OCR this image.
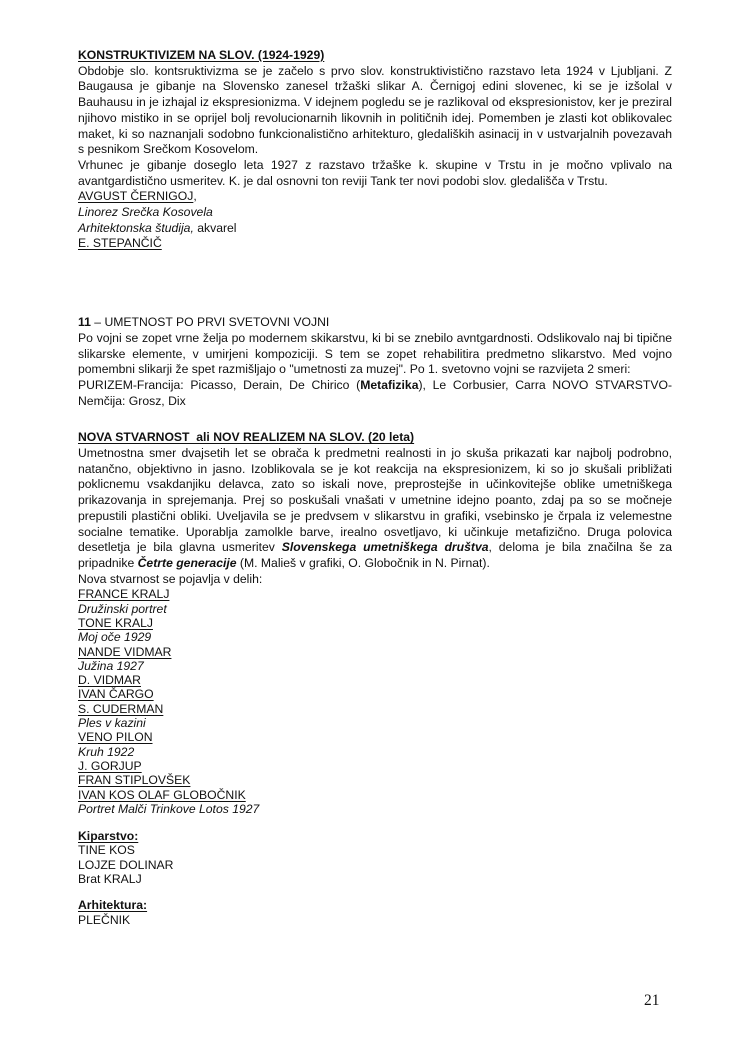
KONSTRUKTIVIZEM NA SLOV. (1924-1929)

Obdobje slo. kontsruktivizma se je začelo s prvo slov. konstruktivistično razstavo leta 1924 v Ljubljani. Z Baugausa je gibanje na Slovensko zanesel tržaški slikar A. Černigoj edini slovenec, ki se je izšolal v Bauhausu in je izhajal iz ekspresionizma. V idejnem pogledu se je razlikoval od ekspresionistov, ker je preziral njihovo mistiko in se oprijel bolj revolucionarnih likovnih in političnih idej. Pomemben je zlasti kot oblikovalec maket, ki so naznanjali sodobno funkcionalistično arhitekturo, gledaliških asinacij in v ustvarjalnih povezavah s pesnikom Srečkom Kosovelom.

Vrhunec je gibanje doseglo leta 1927 z razstavo tržaške k. skupine v Trstu in je močno vplivalo na avantgardistično usmeritev. K. je dal osnovni ton reviji Tank ter novi podobi slov. gledališča v Trstu.

AVGUST ČERNIGOJ,

Linorez Srečka Kosovela

Arhitektonska študija, akvarel

E. STEPANČIČ

11 – UMETNOST PO PRVI SVETOVNI VOJNI

Po vojni se zopet vrne želja po modernem skikarstvu, ki bi se znebilo avntgardnosti. Odslikovalo naj bi tipične slikarske elemente, v umirjeni kompoziciji. S tem se zopet rehabilitira predmetno slikarstvo. Med vojno pomembni slikarji že spet razmišljajo o "umetnosti za muzej". Po 1. svetovno vojni se razvijeta 2 smeri:

PURIZEM-Francija: Picasso, Derain, De Chirico (Metafizika), Le Corbusier, Carra NOVO STVARSTVO-Nemčija: Grosz, Dix

NOVA STVARNOST  ali NOV REALIZEM NA SLOV. (20 leta)

Umetnostna smer dvajsetih let se obrača k predmetni realnosti in jo skuša prikazati kar najbolj podrobno, natančno, objektivno in jasno. Izoblikovala se je kot reakcija na ekspresionizem, ki so jo skušali približati poklicnemu vsakdanjiku delavca, zato so iskali nove, preprostejše in učinkovitejše oblike umetniškega prikazovanja in sprejemanja. Prej so poskušali vnašati v umetnine idejno poanto, zdaj pa so se močneje prepustili plastični obliki. Uveljavila se je predvsem v slikarstvu in grafiki, vsebinsko je črpala iz velemestne socialne tematike. Uporablja zamolkle barve, irealno osvetljavo, ki učinkuje metafizično. Druga polovica desetletja je bila glavna usmeritev Slovenskega umetniškega društva, deloma je bila značilna še za pripadnike Četrte generacije (M. Malieš v grafiki, O. Globočnik in N. Pirnat).

Nova stvarnost se pojavlja v delih:

FRANCE KRALJ

Družinski portret

TONE KRALJ

Moj oče 1929

NANDE VIDMAR

Južina 1927

D. VIDMAR

IVAN ČARGO

S. CUDERMAN

Ples v kazini

VENO PILON

Kruh 1922

J. GORJUP

FRAN STIPLOVŠEK

IVAN KOS OLAF GLOBOČNIK

Portret Malči Trinkove Lotos 1927

Kiparstvo:

TINE KOS

LOJZE DOLINAR

Brat KRALJ

Arhitektura:

PLEČNIK

21
